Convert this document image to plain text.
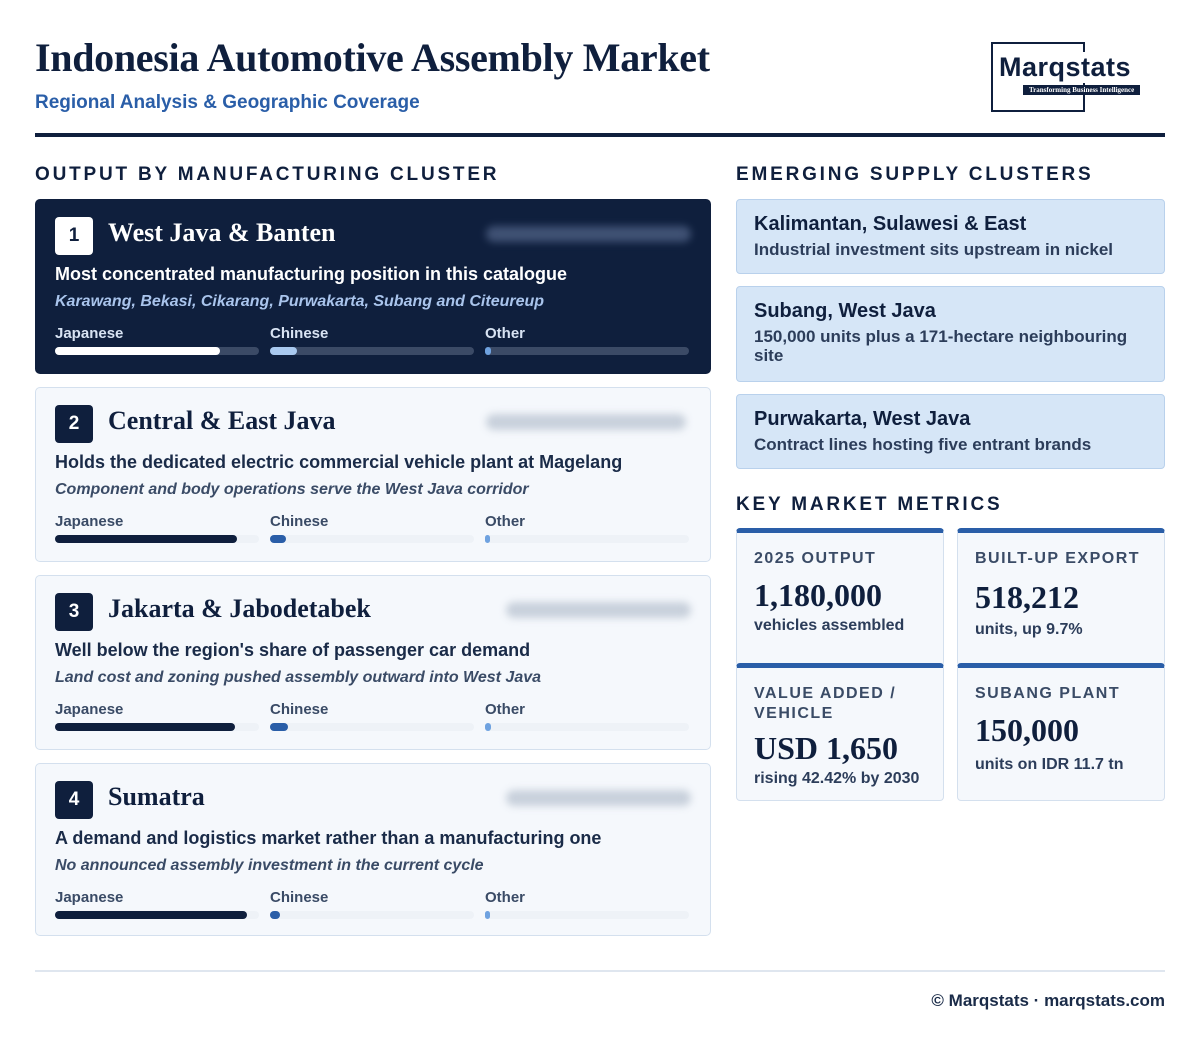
Indonesia Automotive Assembly Market
Regional Analysis & Geographic Coverage
Marqstats
Transforming Business Intelligence
OUTPUT BY MANUFACTURING CLUSTER
1	West Java & Banten
Most concentrated manufacturing position in this catalogue
Karawang, Bekasi, Cikarang, Purwakarta, Subang and Citeureup
Japanese	Chinese	Other
2	Central & East Java
Holds the dedicated electric commercial vehicle plant at Magelang
Component and body operations serve the West Java corridor
Japanese	Chinese	Other
3	Jakarta & Jabodetabek
Well below the region's share of passenger car demand
Land cost and zoning pushed assembly outward into West Java
Japanese	Chinese	Other
4	Sumatra
A demand and logistics market rather than a manufacturing one
No announced assembly investment in the current cycle
Japanese	Chinese	Other
EMERGING SUPPLY CLUSTERS
Kalimantan, Sulawesi & East
Industrial investment sits upstream in nickel
Subang, West Java
150,000 units plus a 171-hectare neighbouring site
Purwakarta, West Java
Contract lines hosting five entrant brands
KEY MARKET METRICS
2025 OUTPUT
1,180,000
vehicles assembled
BUILT-UP EXPORT
518,212
units, up 9.7%
VALUE ADDED / VEHICLE
USD 1,650
rising 42.42% by 2030
SUBANG PLANT
150,000
units on IDR 11.7 tn
© Marqstats · marqstats.com
